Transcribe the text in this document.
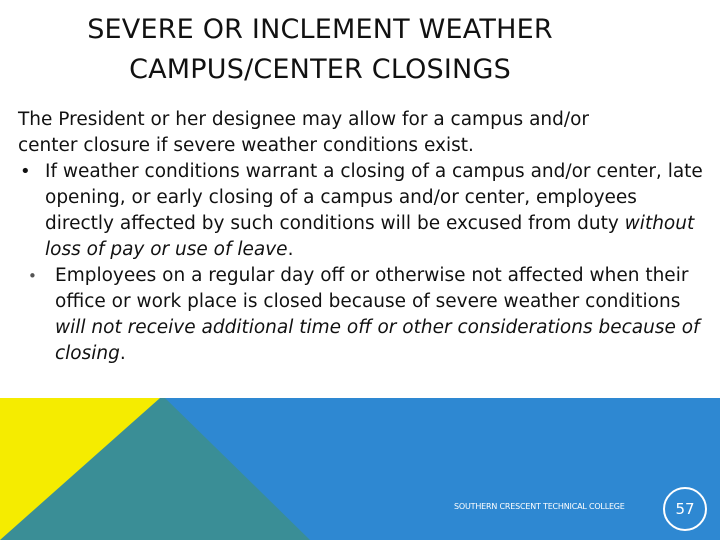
SEVERE OR INCLEMENT WEATHER
CAMPUS/CENTER CLOSINGS

The President or her designee may allow for a campus and/or
center closure if severe weather conditions exist.

• If weather conditions warrant a closing of a campus and/or center, late opening, or early closing of a campus and/or center, employees directly affected by such conditions will be excused from duty without loss of pay or use of leave.
• Employees on a regular day off or otherwise not affected when their office or work place is closed because of severe weather conditions will not receive additional time off or other considerations because of closing.
SOUTHERN CRESCENT TECHNICAL COLLEGE	57
